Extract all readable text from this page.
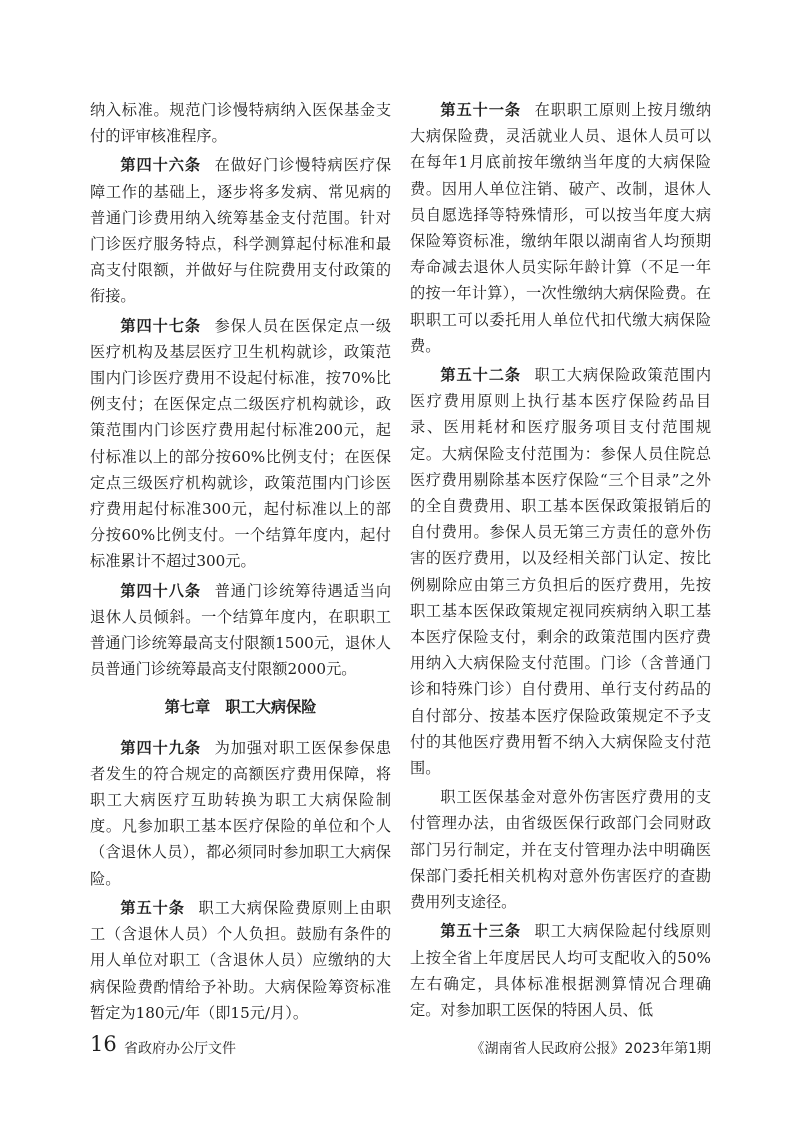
纳入标准。规范门诊慢特病纳入医保基金支付的评审核准程序。

第四十六条 在做好门诊慢特病医疗保障工作的基础上，逐步将多发病、常见病的普通门诊费用纳入统筹基金支付范围。针对门诊医疗服务特点，科学测算起付标准和最高支付限额，并做好与住院费用支付政策的衔接。

第四十七条 参保人员在医保定点一级医疗机构及基层医疗卫生机构就诊，政策范围内门诊医疗费用不设起付标准，按70%比例支付；在医保定点二级医疗机构就诊，政策范围内门诊医疗费用起付标准200元，起付标准以上的部分按60%比例支付；在医保定点三级医疗机构就诊，政策范围内门诊医疗费用起付标准300元，起付标准以上的部分按60%比例支付。一个结算年度内，起付标准累计不超过300元。

第四十八条 普通门诊统筹待遇适当向退休人员倾斜。一个结算年度内，在职职工普通门诊统筹最高支付限额1500元，退休人员普通门诊统筹最高支付限额2000元。

第七章 职工大病保险

第四十九条 为加强对职工医保参保患者发生的符合规定的高额医疗费用保障，将职工大病医疗互助转换为职工大病保险制度。凡参加职工基本医疗保险的单位和个人（含退休人员），都必须同时参加职工大病保险。

第五十条 职工大病保险费原则上由职工（含退休人员）个人负担。鼓励有条件的用人单位对职工（含退休人员）应缴纳的大病保险费酌情给予补助。大病保险筹资标准暂定为180元/年（即15元/月）。

第五十一条 在职职工原则上按月缴纳大病保险费，灵活就业人员、退休人员可以在每年1月底前按年缴纳当年度的大病保险费。因用人单位注销、破产、改制，退休人员自愿选择等特殊情形，可以按当年度大病保险筹资标准，缴纳年限以湖南省人均预期寿命减去退休人员实际年龄计算（不足一年的按一年计算），一次性缴纳大病保险费。在职职工可以委托用人单位代扣代缴大病保险费。

第五十二条 职工大病保险政策范围内医疗费用原则上执行基本医疗保险药品目录、医用耗材和医疗服务项目支付范围规定。大病保险支付范围为：参保人员住院总医疗费用剔除基本医疗保险“三个目录”之外的全自费费用、职工基本医保政策报销后的自付费用。参保人员无第三方责任的意外伤害的医疗费用，以及经相关部门认定、按比例剔除应由第三方负担后的医疗费用，先按职工基本医保政策规定视同疾病纳入职工基本医疗保险支付，剩余的政策范围内医疗费用纳入大病保险支付范围。门诊（含普通门诊和特殊门诊）自付费用、单行支付药品的自付部分、按基本医疗保险政策规定不予支付的其他医疗费用暂不纳入大病保险支付范围。

职工医保基金对意外伤害医疗费用的支付管理办法，由省级医保行政部门会同财政部门另行制定，并在支付管理办法中明确医保部门委托相关机构对意外伤害医疗的查勘费用列支途径。

第五十三条 职工大病保险起付线原则上按全省上年度居民人均可支配收入的50%左右确定，具体标准根据测算情况合理确定。对参加职工医保的特困人员、低

16 省政府办公厅文件	《湖南省人民政府公报》2023年第1期
